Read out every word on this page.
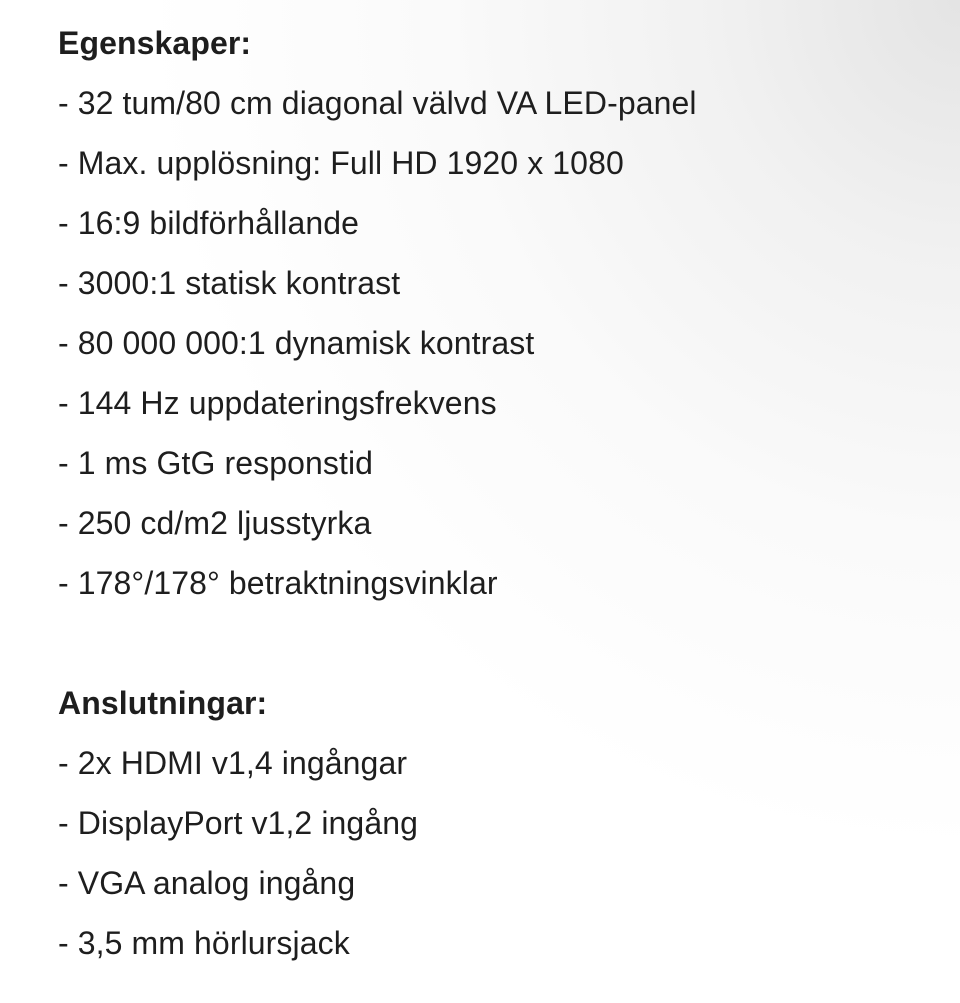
Egenskaper:
- 32 tum/80 cm diagonal välvd VA LED-panel
- Max. upplösning: Full HD 1920 x 1080
- 16:9 bildförhållande
- 3000:1 statisk kontrast
- 80 000 000:1 dynamisk kontrast
- 144 Hz uppdateringsfrekvens
- 1 ms GtG responstid
- 250 cd/m2 ljusstyrka
- 178°/178° betraktningsvinklar
Anslutningar:
- 2x HDMI v1,4 ingångar
- DisplayPort v1,2 ingång
- VGA analog ingång
- 3,5 mm hörlursjack
